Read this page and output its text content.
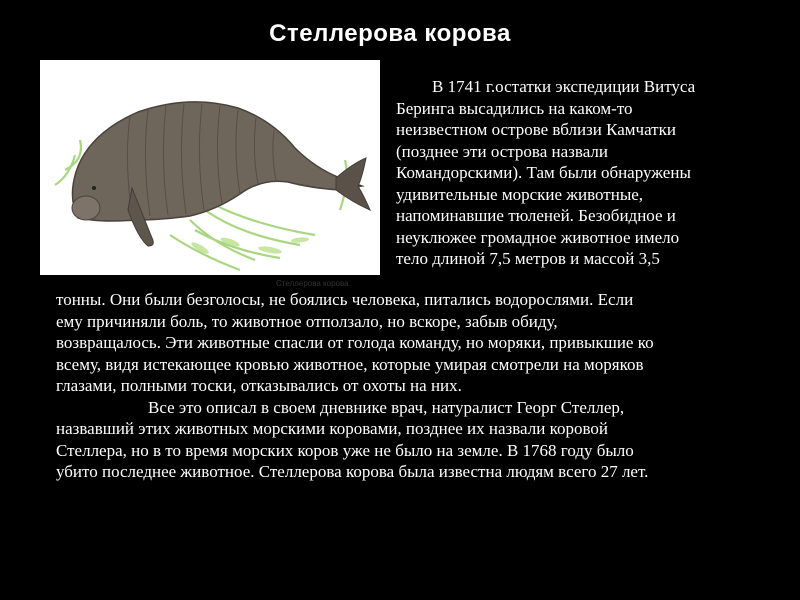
Стеллерова корова
Стеллерова корова

В 1741 г.остатки экспедиции Витуса
Беринга высадились на каком-то
неизвестном острове вблизи Камчатки
(позднее эти острова назвали
Командорскими). Там были обнаружены
удивительные морские животные,
напоминавшие тюленей. Безобидное и
неуклюжее громадное животное имело
тело длиной 7,5 метров и массой 3,5

тонны. Они были безголосы, не боялись человека, питались водорослями. Если
ему причиняли боль, то животное отползало, но вскоре, забыв обиду,
возвращалось. Эти животные спасли от голода команду, но моряки, привыкшие ко
всему, видя истекающее кровью животное, которые умирая смотрели на моряков
глазами, полными тоски, отказывались от охоты на них.
Все это описал в своем дневнике врач, натуралист Георг Стеллер,
назвавший этих животных морскими коровами, позднее их назвали коровой
Стеллера, но в то время морских коров уже не было на земле. В 1768 году было
убито последнее животное. Стеллерова корова была известна людям всего 27 лет.
